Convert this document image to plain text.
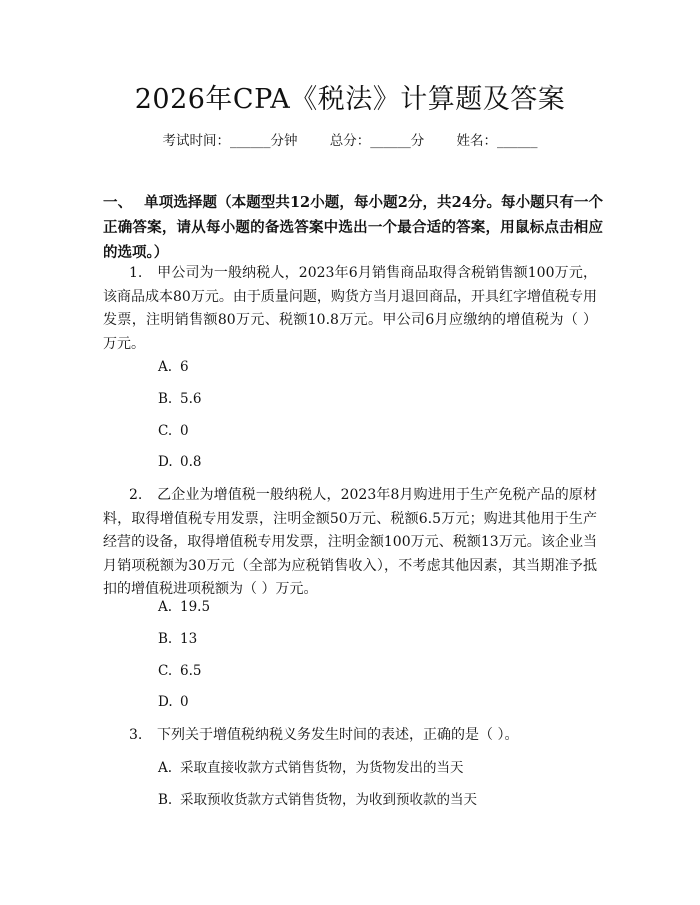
2026年CPA《税法》计算题及答案
考试时间：______分钟 总分：______分 姓名：______
一、 单项选择题（本题型共12小题，每小题2分，共24分。每小题只有一个正确答案，请从每小题的备选答案中选出一个最合适的答案，用鼠标点击相应的选项。）
1. 甲公司为一般纳税人，2023年6月销售商品取得含税销售额100万元，该商品成本80万元。由于质量问题，购货方当月退回商品，开具红字增值税专用发票，注明销售额80万元、税额10.8万元。甲公司6月应缴纳的增值税为（ ）万元。
A. 6
B. 5.6
C. 0
D. 0.8
2. 乙企业为增值税一般纳税人，2023年8月购进用于生产免税产品的原材料，取得增值税专用发票，注明金额50万元、税额6.5万元；购进其他用于生产经营的设备，取得增值税专用发票，注明金额100万元、税额13万元。该企业当月销项税额为30万元（全部为应税销售收入），不考虑其他因素，其当期准予抵扣的增值税进项税额为（ ）万元。
A. 19.5
B. 13
C. 6.5
D. 0
3. 下列关于增值税纳税义务发生时间的表述，正确的是（ ）。
A. 采取直接收款方式销售货物，为货物发出的当天
B. 采取预收货款方式销售货物，为收到预收款的当天
